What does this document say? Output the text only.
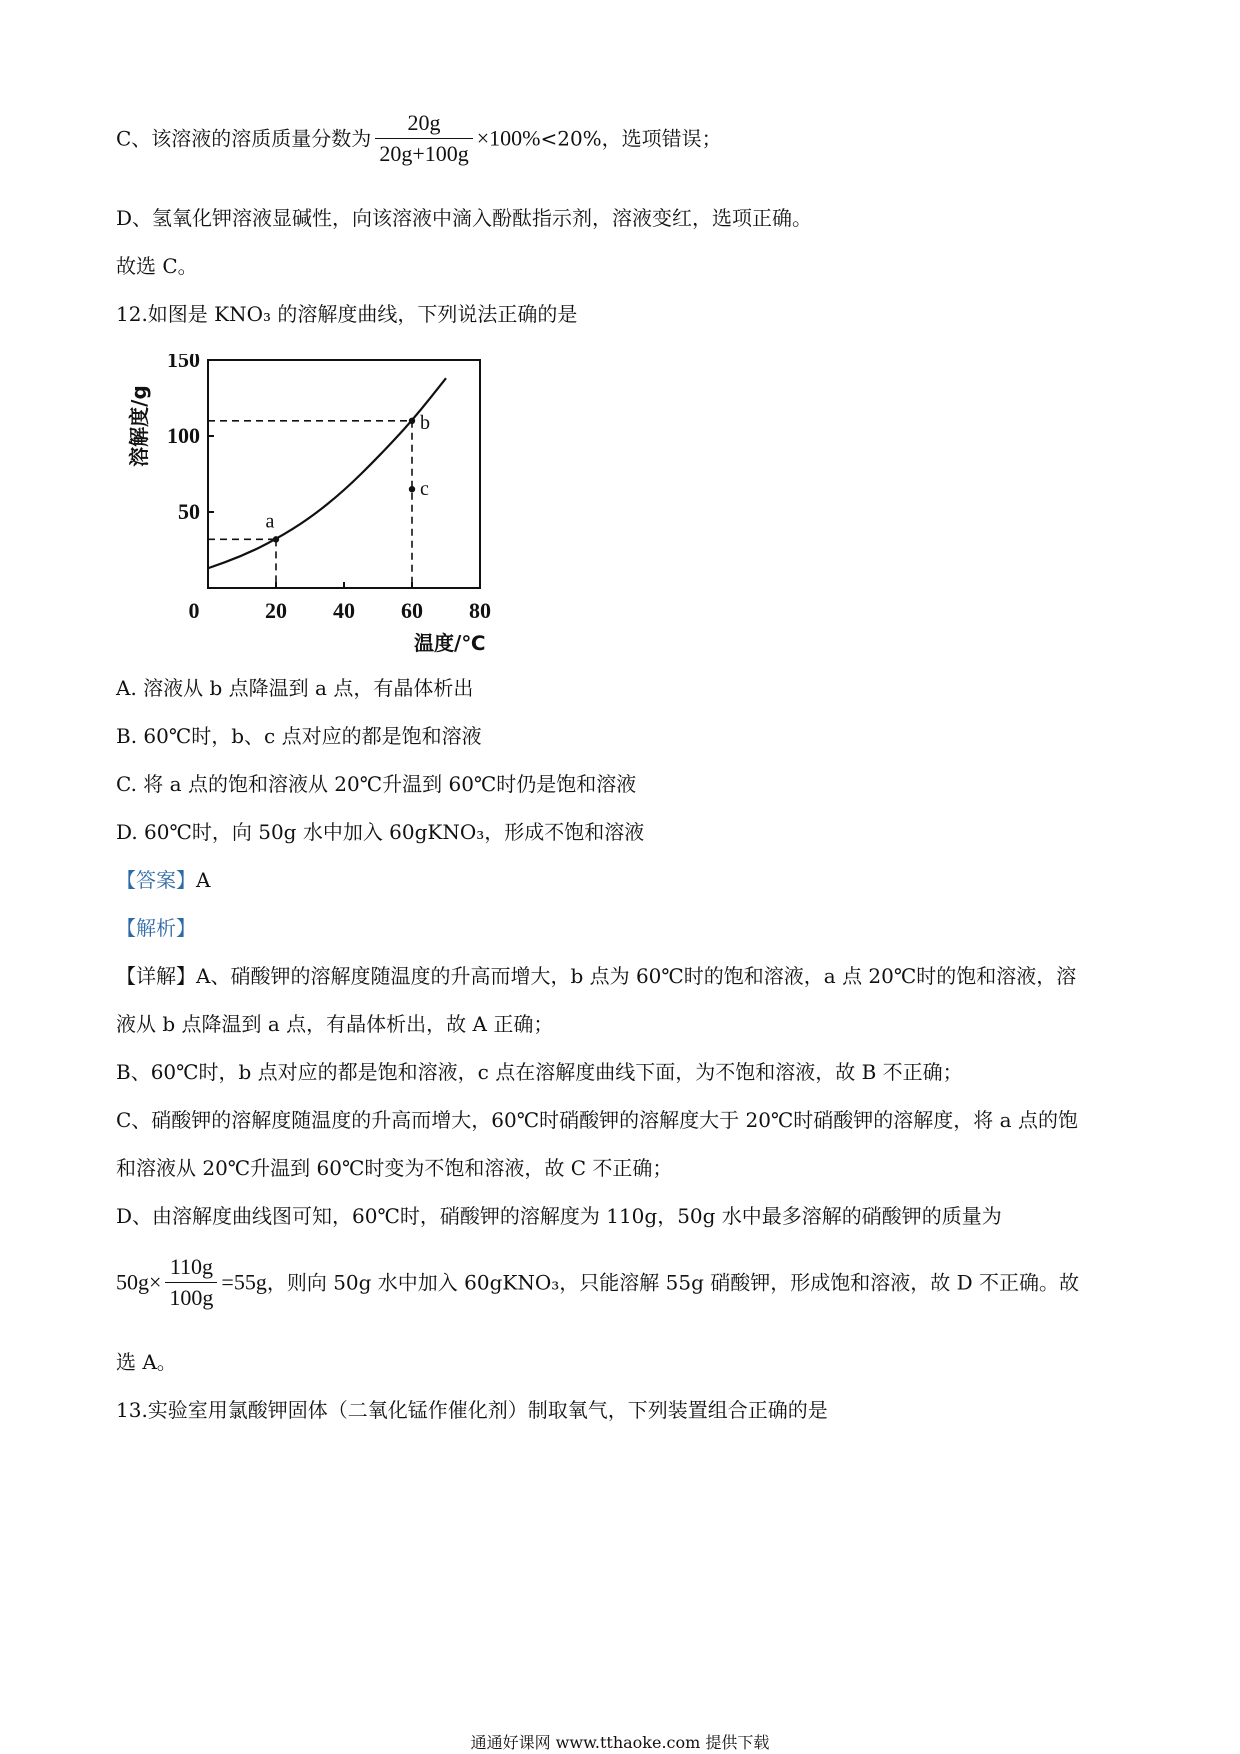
C、该溶液的溶质质量分数为 $\frac{20g}{20g+100g} \times 100\%<20\%$，选项错误；
D、氢氧化钾溶液显碱性，向该溶液中滴入酚酞指示剂，溶液变红，选项正确。
故选 C。
12.如图是 KNO₃ 的溶解度曲线，下列说法正确的是
50
100
150
0	20 40 60 80
a
b
c
溶解度/g
温度/℃
A. 溶液从 b 点降温到 a 点，有晶体析出
B. 60℃时，b、c 点对应的都是饱和溶液
C. 将 a 点的饱和溶液从 20℃升温到 60℃时仍是饱和溶液
D. 60℃时，向 50g 水中加入 60gKNO₃，形成不饱和溶液
【答案】A
【解析】
【详解】A、硝酸钾的溶解度随温度的升高而增大，b 点为 60℃时的饱和溶液，a 点 20℃时的饱和溶液，溶
液从 b 点降温到 a 点，有晶体析出，故 A 正确；
B、60℃时，b 点对应的都是饱和溶液，c 点在溶解度曲线下面，为不饱和溶液，故 B 不正确；
C、硝酸钾的溶解度随温度的升高而增大，60℃时硝酸钾的溶解度大于 20℃时硝酸钾的溶解度，将 a 点的饱
和溶液从 20℃升温到 60℃时变为不饱和溶液，故 C 不正确；
D、由溶解度曲线图可知，60℃时，硝酸钾的溶解度为 110g，50g 水中最多溶解的硝酸钾的质量为
$50g\times \frac{110g}{100g} =55g$，则向 50g 水中加入 60gKNO₃，只能溶解 55g 硝酸钾，形成饱和溶液，故 D 不正确。故
选 A。
13.实验室用氯酸钾固体（二氧化锰作催化剂）制取氧气，下列装置组合正确的是
通通好课网 www.tthaoke.com 提供下载
